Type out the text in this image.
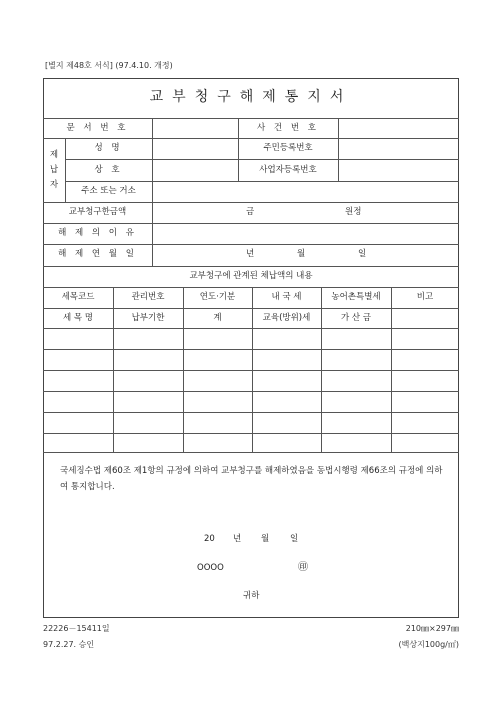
[별지 제48호 서식] (97.4.10. 개정)
교부청구해제통지서
문 서 번 호	사 건 번 호
제 납 자
성 명	주민등록번호
상 호	사업자등록번호
주소 또는 거소
교부청구한금액	금	원정
해 제 의 이 유
해 제 연 월 일	년	월	일
교부청구에 관계된 체납액의 내용
세목코드	관리번호	연도·기분	내 국 세	농어촌특별세	비고
세 목 명	납부기한	계	교육(방위)세	가 산 금
국세징수법 제60조 제1항의 규정에 의하여 교부청구를 해제하였음을 동법시행령 제66조의 규정에 의하여 통지합니다.
20 년 월 일
ΟΟΟΟ	㊞
귀하
22226－15411일
97.2.27. 승인
210㎜×297㎜
(백상지100g/㎡)
